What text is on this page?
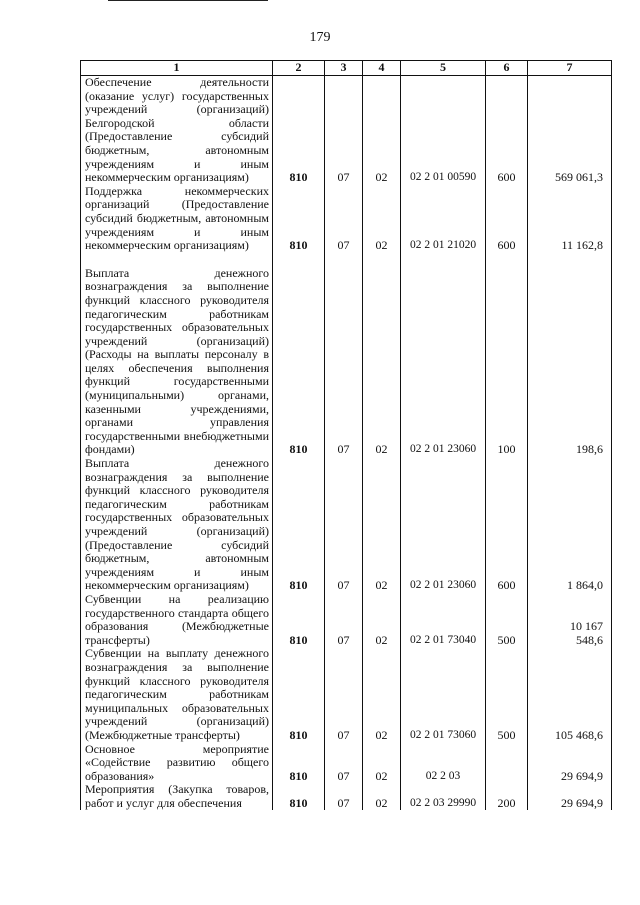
179
1	2	3	4	5	6	7
Обеспечение деятельности (оказание услуг) государственных учреждений (организаций) Белгородской области (Предоставление субсидий бюджетным, автономным учреждениям и иным некоммерческим организациям)	810	07	02	02 2 01 00590	600	569 061,3
Поддержка некоммерческих организаций (Предоставление субсидий бюджетным, автономным учреждениям и иным некоммерческим организациям)	810	07	02	02 2 01 21020	600	11 162,8

Выплата денежного вознаграждения за выполнение функций классного руководителя педагогическим работникам государственных образовательных учреждений (организаций) (Расходы на выплаты персоналу в целях обеспечения выполнения функций государственными (муниципальными) органами, казенными учреждениями, органами управления государственными внебюджетными фондами)	810	07	02	02 2 01 23060	100	198,6
Выплата денежного вознаграждения за выполнение функций классного руководителя педагогическим работникам государственных образовательных учреждений (организаций) (Предоставление субсидий бюджетным, автономным учреждениям и иным некоммерческим организациям)	810	07	02	02 2 01 23060	600	1 864,0
Субвенции на реализацию государственного стандарта общего образования (Межбюджетные трансферты)	810	07	02	02 2 01 73040	500	10 167
548,6
Субвенции на выплату денежного вознаграждения за выполнение функций классного руководителя педагогическим работникам муниципальных образовательных учреждений (организаций) (Межбюджетные трансферты)	810	07	02	02 2 01 73060	500	105 468,6
Основное мероприятие «Содействие развитию общего образования»	810	07	02	02 2 03		29 694,9
Мероприятия (Закупка товаров, работ и услуг для обеспечения	810	07	02	02 2 03 29990	200	29 694,9
